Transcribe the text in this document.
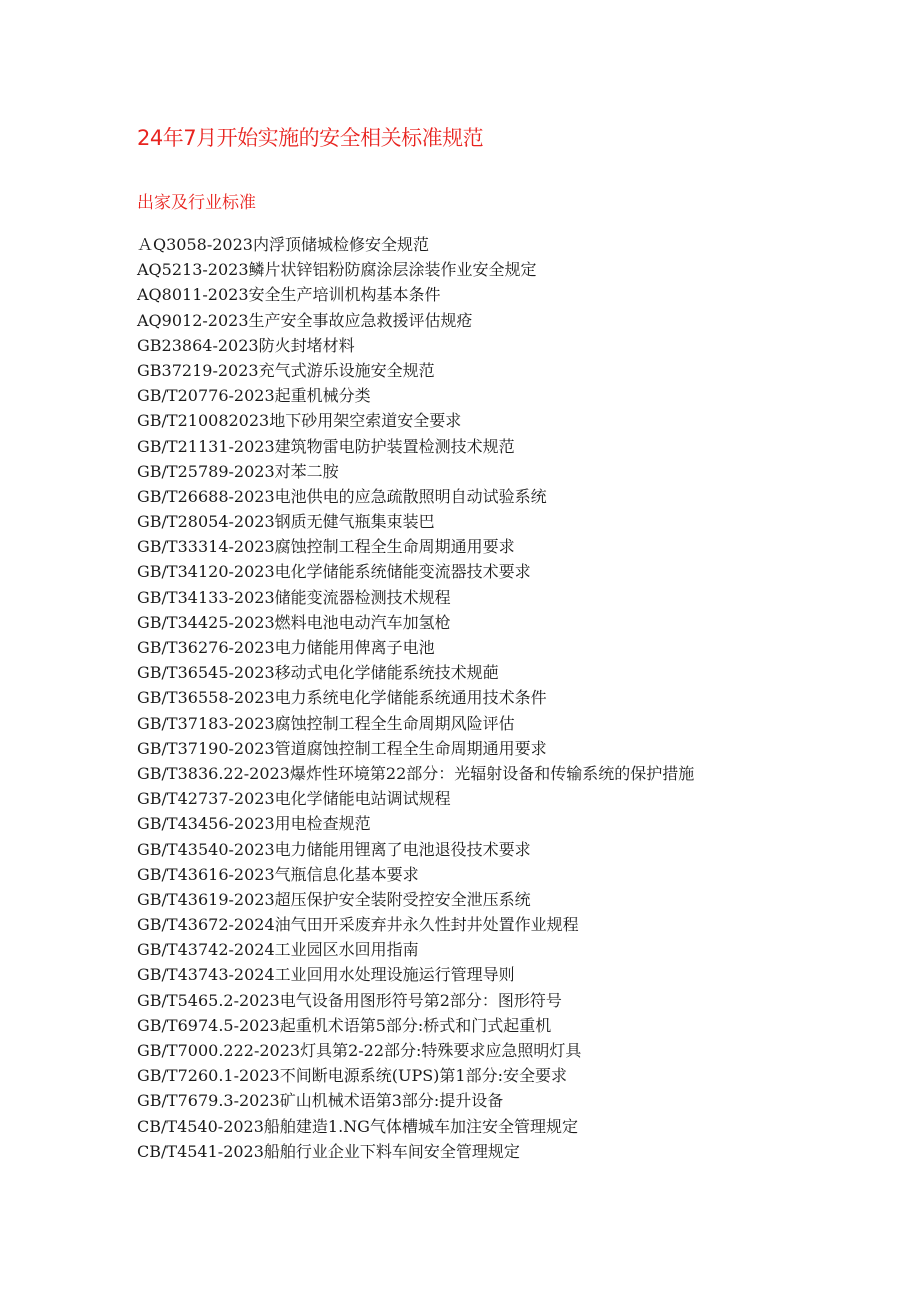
24年7月开始实施的安全相关标准规范
出家及行业标准
ＡQ3058-2023内浮顶储城检修安全规范
AQ5213-2023鳞片状锌铝粉防腐涂层涂装作业安全规定
AQ8011-2023安全生产培训机构基本条件
AQ9012-2023生产安全事故应急救援评估规疮
GB23864-2023防火封堵材料
GB37219-2023充气式游乐设施安全规范
GB/T20776-2023起重机械分类
GB/T210082023地下砂用架空索道安全要求
GB/T21131-2023建筑物雷电防护装置检测技术规范
GB/T25789-2023对苯二胺
GB/T26688-2023电池供电的应急疏散照明自动试验系统
GB/T28054-2023钢质无健气瓶集束装巴
GB/T33314-2023腐蚀控制工程全生命周期通用要求
GB/T34120-2023电化学储能系统储能变流器技术要求
GB/T34133-2023储能变流器检测技术规程
GB/T34425-2023燃料电池电动汽车加氢枪
GB/T36276-2023电力储能用俾离子电池
GB/T36545-2023移动式电化学储能系统技术规葩
GB/T36558-2023电力系统电化学储能系统通用技术条件
GB/T37183-2023腐蚀控制工程全生命周期风险评估
GB/T37190-2023管道腐蚀控制工程全生命周期通用要求
GB/T3836.22-2023爆炸性环境第22部分：光辐射设备和传输系统的保护措施
GB/T42737-2023电化学储能电站调试规程
GB/T43456-2023用电检查规范
GB/T43540-2023电力储能用锂离了电池退役技术要求
GB/T43616-2023气瓶信息化基本要求
GB/T43619-2023超压保护安全装附受控安全泄压系统
GB/T43672-2024油气田开采废弃井永久性封井处置作业规程
GB/T43742-2024工业园区水回用指南
GB/T43743-2024工业回用水处理设施运行管理导则
GB/T5465.2-2023电气设备用图形符号第2部分：图形符号
GB/T6974.5-2023起重机术语第5部分:桥式和门式起重机
GB/T7000.222-2023灯具第2-22部分:特殊要求应急照明灯具
GB/T7260.1-2023不间断电源系统(UPS)第1部分:安全要求
GB/T7679.3-2023矿山机械术语第3部分:提升设备
CB/T4540-2023船舶建造1.NG气体槽城车加注安全管理规定
CB/T4541-2023船舶行业企业下料车间安全管理规定
